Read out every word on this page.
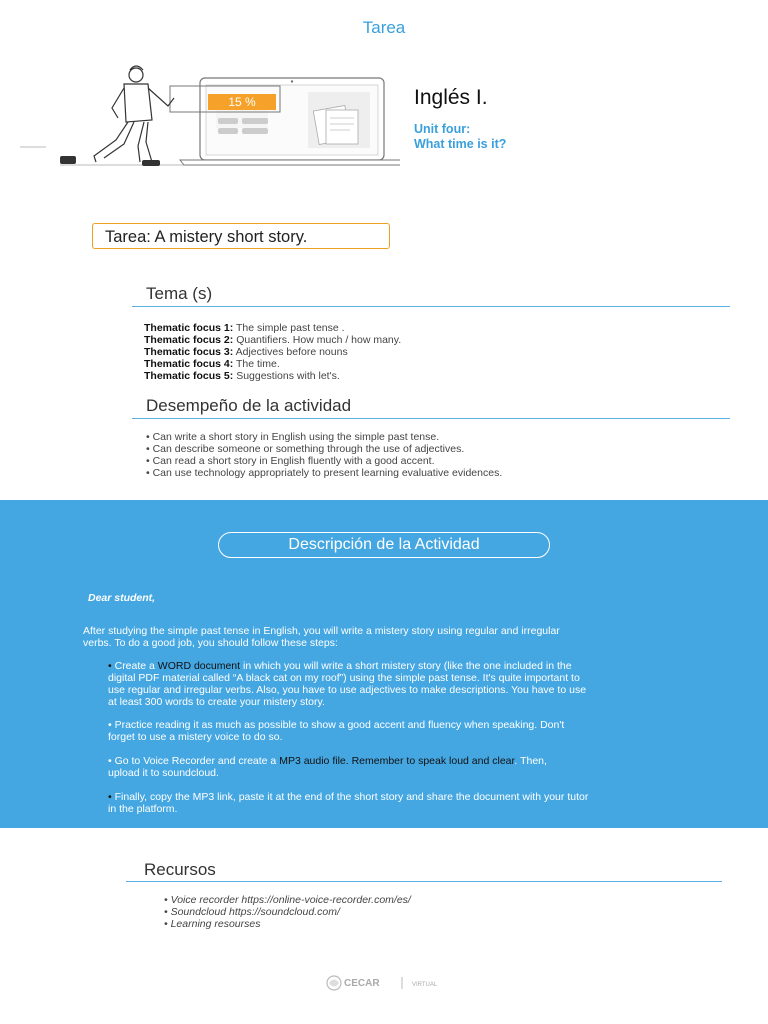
Tarea
15 %	Inglés I.
Unit four:
What time is it?
Tarea: A mistery short story.
Tema (s)
Thematic focus 1: The simple past tense .
Thematic focus 2: Quantifiers. How much / how many.
Thematic focus 3: Adjectives before nouns
Thematic focus 4: The time.
Thematic focus 5: Suggestions with let's.
Desempeño de la actividad
• Can write a short story in English using the simple past tense.
• Can describe someone or something through the use of adjectives.
• Can read a short story in English fluently with a good accent.
• Can use technology appropriately to present learning evaluative evidences.
Descripción de la Actividad
Dear student,
After studying the simple past tense in English, you will write a mistery story using regular and irregular
verbs. To do a good job, you should follow these steps:
• Create a WORD document in which you will write a short mistery story (like the one included in the
digital PDF material called “A black cat on my roof”) using the simple past tense. It's quite important to
use regular and irregular verbs. Also, you have to use adjectives to make descriptions. You have to use
at least 300 words to create your mistery story.
• Practice reading it as much as possible to show a good accent and fluency when speaking. Don't
forget to use a mistery voice to do so.
• Go to Voice Recorder and create a MP3 audio file. Remember to speak loud and clear. Then,
upload it to soundcloud.
• Finally, copy the MP3 link, paste it at the end of the short story and share the document with your tutor
in the platform.
Recursos
• Voice recorder https://online-voice-recorder.com/es/
• Soundcloud https://soundcloud.com/
• Learning resourses
CECAR	VIRTUAL
